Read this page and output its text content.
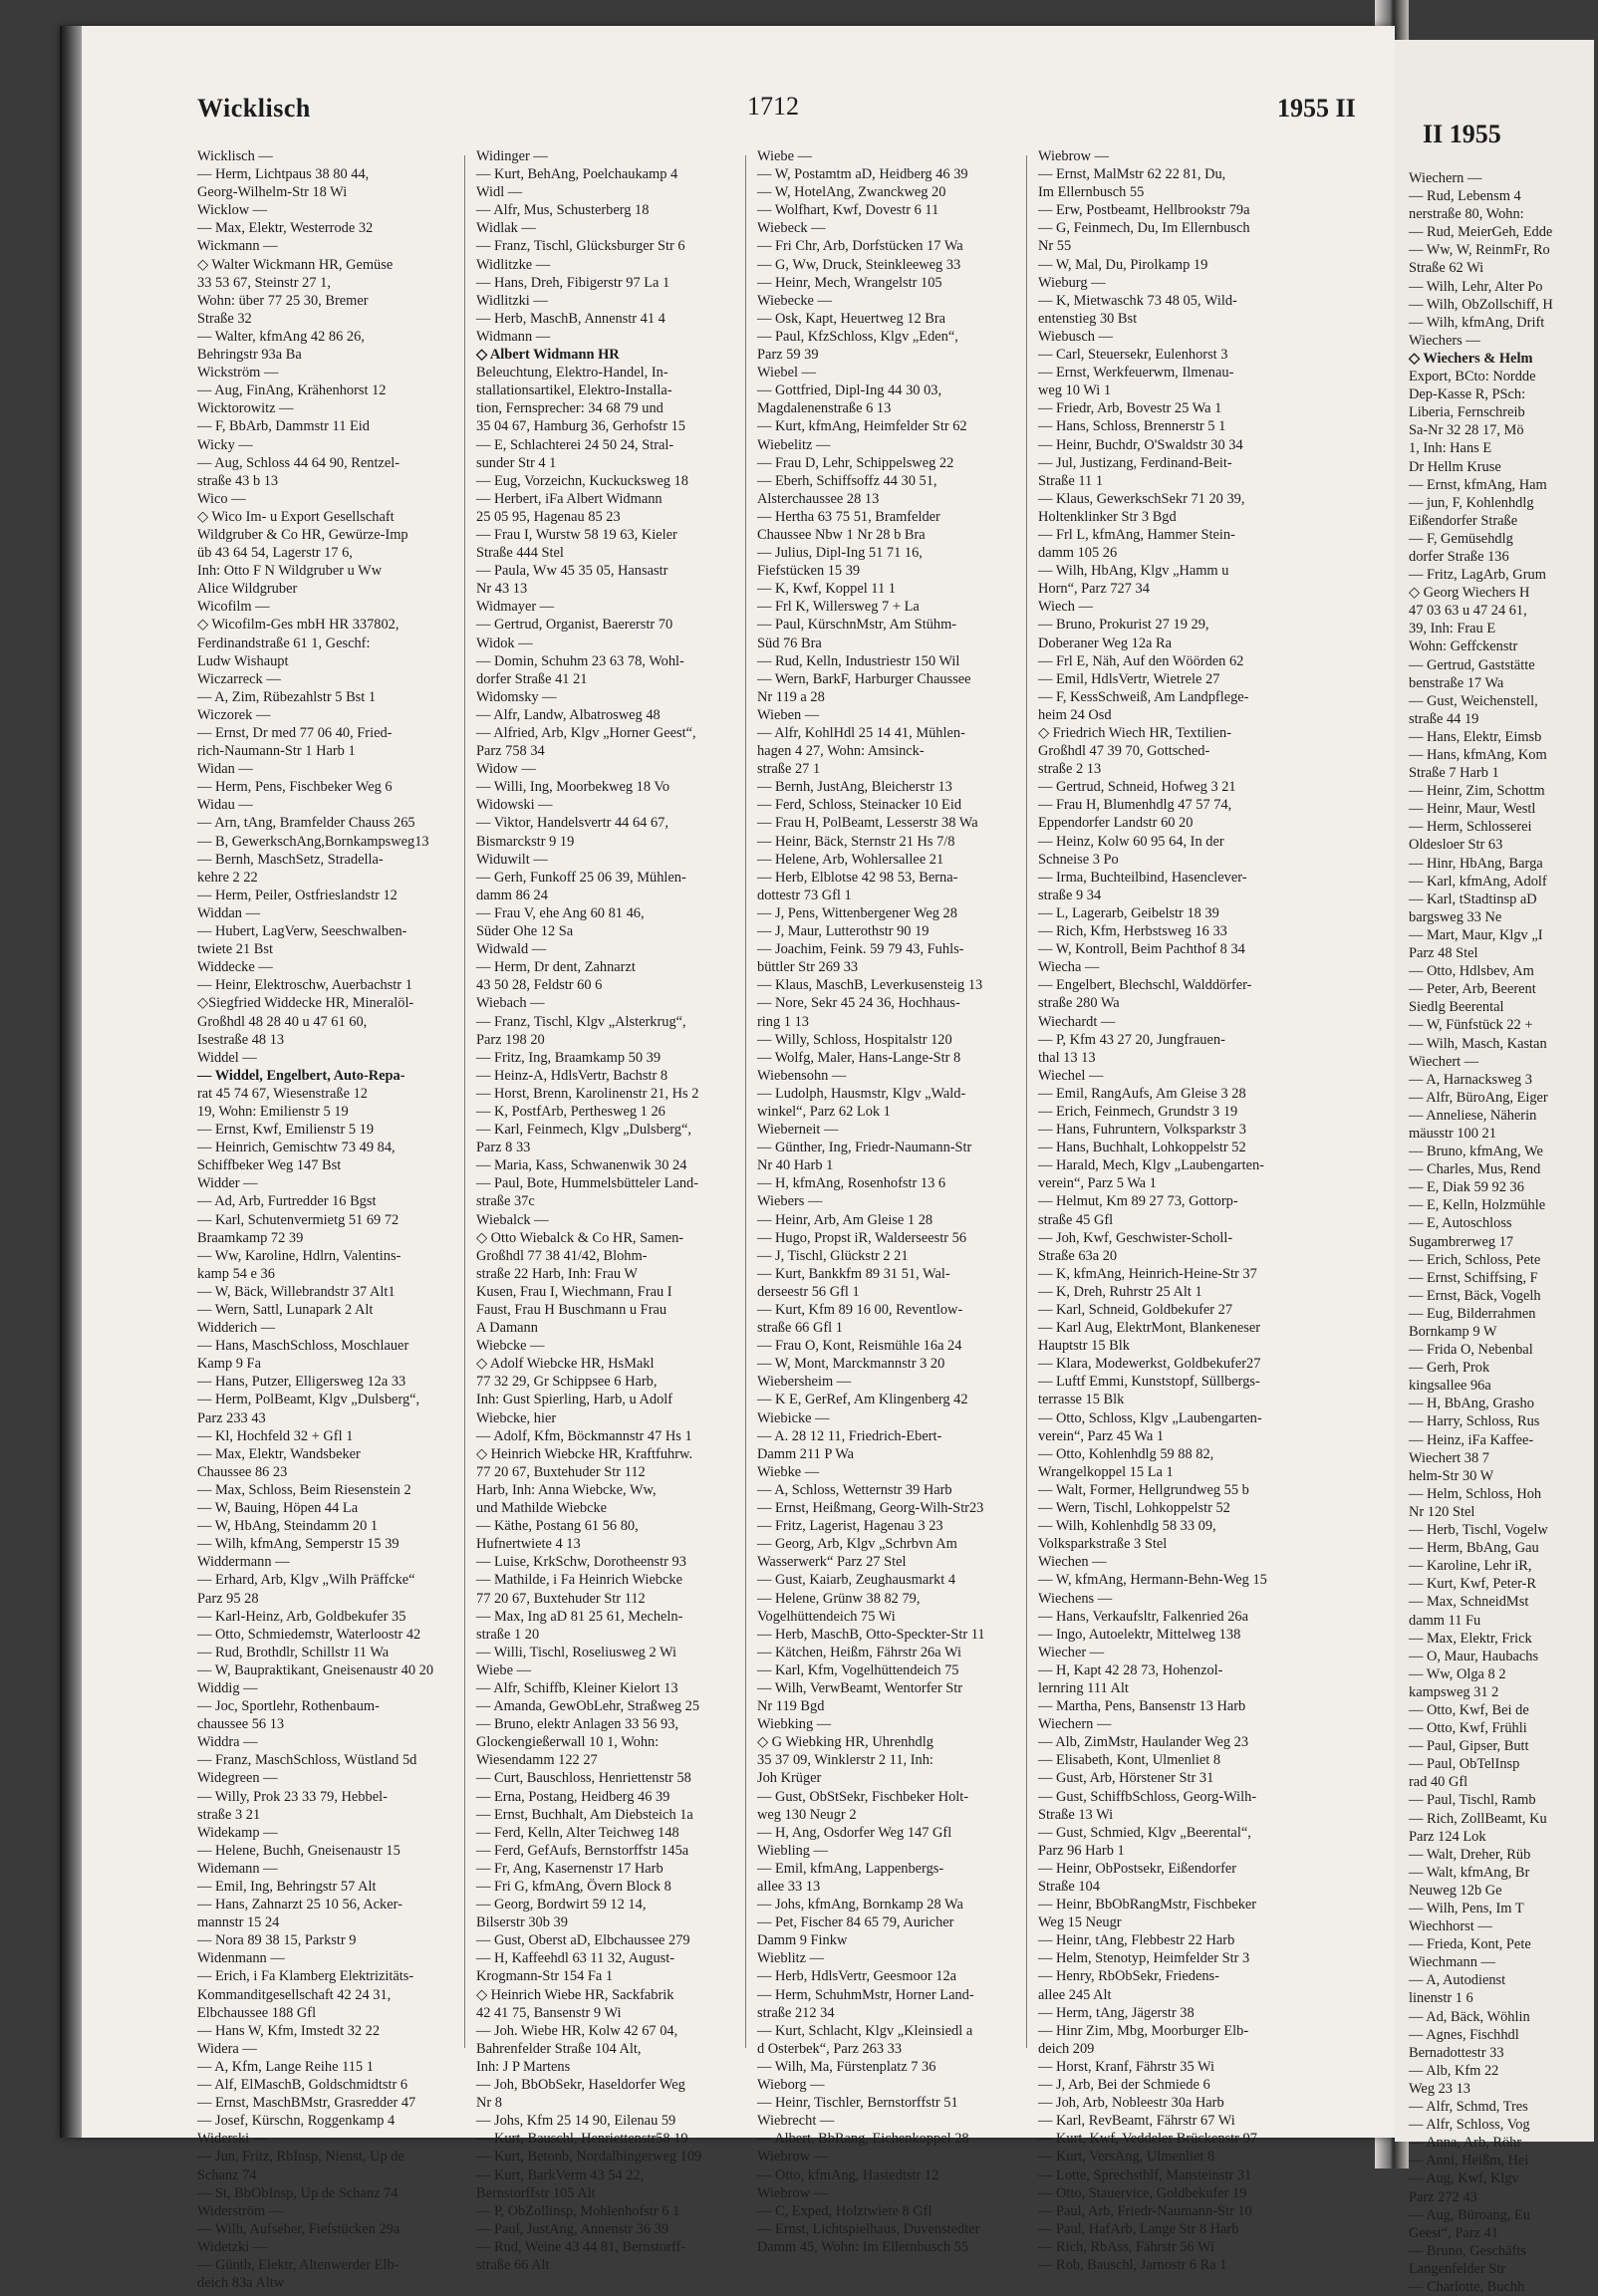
Wicklisch	1712	1955 II
Wicklisch —
— Herm, Lichtpaus 38 80 44,
Georg-Wilhelm-Str 18 Wi
Wicklow —
— Max, Elektr, Westerrode 32
Wickmann —
◇ Walter Wickmann HR, Gemüse
33 53 67, Steinstr 27 1,
Wohn: über 77 25 30, Bremer
Straße 32
— Walter, kfmAng 42 86 26,
Behringstr 93a Ba
Wickström —
— Aug, FinAng, Krähenhorst 12
Wicktorowitz —
— F, BbArb, Dammstr 11 Eid
Wicky —
— Aug, Schloss 44 64 90, Rentzel-
straße 43 b 13
Wico —
◇ Wico Im- u Export Gesellschaft
Wildgruber & Co HR, Gewürze-Imp
üb 43 64 54, Lagerstr 17 6,
Inh: Otto F N Wildgruber u Ww
Alice Wildgruber
Wicofilm —
◇ Wicofilm-Ges mbH HR 337802,
Ferdinandstraße 61 1, Geschf:
Ludw Wishaupt
Wiczarreck —
— A, Zim, Rübezahlstr 5 Bst 1
Wiczorek —
— Ernst, Dr med 77 06 40, Fried-
rich-Naumann-Str 1 Harb 1
Widan —
— Herm, Pens, Fischbeker Weg 6
Widau —
— Arn, tAng, Bramfelder Chauss 265
— B, GewerkschAng,Bornkampsweg13
— Bernh, MaschSetz, Stradella-
kehre 2 22
— Herm, Peiler, Ostfrieslandstr 12
Widdan —
— Hubert, LagVerw, Seeschwalben-
twiete 21 Bst
Widdecke —
— Heinr, Elektroschw, Auerbachstr 1
◇Siegfried Widdecke HR, Mineralöl-
Großhdl 48 28 40 u 47 61 60,
Isestraße 48 13
Widdel —
— Widdel, Engelbert, Auto-Repa-
rat 45 74 67, Wiesenstraße 12
19, Wohn: Emilienstr 5 19
— Ernst, Kwf, Emilienstr 5 19
— Heinrich, Gemischtw 73 49 84,
Schiffbeker Weg 147 Bst
Widder —
— Ad, Arb, Furtredder 16 Bgst
— Karl, Schutenvermietg 51 69 72
Braamkamp 72 39
— Ww, Karoline, Hdlrn, Valentins-
kamp 54 e 36
— W, Bäck, Willebrandstr 37 Alt1
— Wern, Sattl, Lunapark 2 Alt
Widderich —
— Hans, MaschSchloss, Moschlauer
Kamp 9 Fa
— Hans, Putzer, Elligersweg 12a 33
— Herm, PolBeamt, Klgv „Dulsberg“,
Parz 233 43
— Kl, Hochfeld 32 + Gfl 1
— Max, Elektr, Wandsbeker
Chaussee 86 23
— Max, Schloss, Beim Riesenstein 2
— W, Bauing, Höpen 44 La
— W, HbAng, Steindamm 20 1
— Wilh, kfmAng, Semperstr 15 39
Widdermann —
— Erhard, Arb, Klgv „Wilh Präffcke“
Parz 95 28
— Karl-Heinz, Arb, Goldbekufer 35
— Otto, Schmiedemstr, Waterloostr 42
— Rud, Brothdlr, Schillstr 11 Wa
— W, Baupraktikant, Gneisenaustr 40 20
Widdig —
— Joc, Sportlehr, Rothenbaum-
chaussee 56 13
Widdra —
— Franz, MaschSchloss, Wüstland 5d
Widegreen —
— Willy, Prok 23 33 79, Hebbel-
straße 3 21
Widekamp —
— Helene, Buchh, Gneisenaustr 15
Widemann —
— Emil, Ing, Behringstr 57 Alt
— Hans, Zahnarzt 25 10 56, Acker-
mannstr 15 24
— Nora 89 38 15, Parkstr 9
Widenmann —
— Erich, i Fa Klamberg Elektrizitäts-
Kommanditgesellschaft 42 24 31,
Elbchaussee 188 Gfl
— Hans W, Kfm, Imstedt 32 22
Widera —
— A, Kfm, Lange Reihe 115 1
— Alf, ElMaschB, Goldschmidtstr 6
— Ernst, MaschBMstr, Grasredder 47
— Josef, Kürschn, Roggenkamp 4
Widerski —
— Jun, Fritz, RbInsp, Nienst, Up de
Schanz 74
— St, BbObInsp, Up de Schanz 74
Widerström —
— Wilh, Aufseher, Fiefstücken 29a
Widetzki —
— Günth, Elektr, Altenwerder Elb-
deich 83a Altw
Widinger —
— Kurt, BehAng, Poelchaukamp 4
Widl —
— Alfr, Mus, Schusterberg 18
Widlak —
— Franz, Tischl, Glücksburger Str 6
Widlitzke —
— Hans, Dreh, Fibigerstr 97 La 1
Widlitzki —
— Herb, MaschB, Annenstr 41 4
Widmann —
◇ Albert Widmann HR
Beleuchtung, Elektro-Handel, In-
stallationsartikel, Elektro-Installa-
tion, Fernsprecher: 34 68 79 und
35 04 67, Hamburg 36, Gerhofstr 15
— E, Schlachterei 24 50 24, Stral-
sunder Str 4 1
— Eug, Vorzeichn, Kuckucksweg 18
— Herbert, iFa Albert Widmann
25 05 95, Hagenau 85 23
— Frau I, Wurstw 58 19 63, Kieler
Straße 444 Stel
— Paula, Ww 45 35 05, Hansastr
Nr 43 13
Widmayer —
— Gertrud, Organist, Baererstr 70
Widok —
— Domin, Schuhm 23 63 78, Wohl-
dorfer Straße 41 21
Widomsky —
— Alfr, Landw, Albatrosweg 48
— Alfried, Arb, Klgv „Horner Geest“,
Parz 758 34
Widow —
— Willi, Ing, Moorbekweg 18 Vo
Widowski —
— Viktor, Handelsvertr 44 64 67,
Bismarckstr 9 19
Widuwilt —
— Gerh, Funkoff 25 06 39, Mühlen-
damm 86 24
— Frau V, ehe Ang 60 81 46,
Süder Ohe 12 Sa
Widwald —
— Herm, Dr dent, Zahnarzt
43 50 28, Feldstr 60 6
Wiebach —
— Franz, Tischl, Klgv „Alsterkrug“,
Parz 198 20
— Fritz, Ing, Braamkamp 50 39
— Heinz-A, HdlsVertr, Bachstr 8
— Horst, Brenn, Karolinenstr 21, Hs 2
— K, PostfArb, Perthesweg 1 26
— Karl, Feinmech, Klgv „Dulsberg“,
Parz 8 33
— Maria, Kass, Schwanenwik 30 24
— Paul, Bote, Hummelsbütteler Land-
straße 37c
Wiebalck —
◇ Otto Wiebalck & Co HR, Samen-
Großhdl 77 38 41/42, Blohm-
straße 22 Harb, Inh: Frau W
Kusen, Frau I, Wiechmann, Frau I
Faust, Frau H Buschmann u Frau
A Damann
Wiebcke —
◇ Adolf Wiebcke HR, HsMakl
77 32 29, Gr Schippsee 6 Harb,
Inh: Gust Spierling, Harb, u Adolf
Wiebcke, hier
— Adolf, Kfm, Böckmannstr 47 Hs 1
◇ Heinrich Wiebcke HR, Kraftfuhrw.
77 20 67, Buxtehuder Str 112
Harb, Inh: Anna Wiebcke, Ww,
und Mathilde Wiebcke
— Käthe, Postang 61 56 80,
Hufnertwiete 4 13
— Luise, KrkSchw, Dorotheenstr 93
— Mathilde, i Fa Heinrich Wiebcke
77 20 67, Buxtehuder Str 112
— Max, Ing aD 81 25 61, Mecheln-
straße 1 20
— Willi, Tischl, Roseliusweg 2 Wi
Wiebe —
— Alfr, Schiffb, Kleiner Kielort 13
— Amanda, GewObLehr, Straßweg 25
— Bruno, elektr Anlagen 33 56 93,
Glockengießerwall 10 1, Wohn:
Wiesendamm 122 27
— Curt, Bauschloss, Henriettenstr 58
— Erna, Postang, Heidberg 46 39
— Ernst, Buchhalt, Am Diebsteich 1a
— Ferd, Kelln, Alter Teichweg 148
— Ferd, GefAufs, Bernstorffstr 145a
— Fr, Ang, Kasernenstr 17 Harb
— Fri G, kfmAng, Övern Block 8
— Georg, Bordwirt 59 12 14,
Bilserstr 30b 39
— Gust, Oberst aD, Elbchaussee 279
— H, Kaffeehdl 63 11 32, August-
Krogmann-Str 154 Fa 1
◇ Heinrich Wiebe HR, Sackfabrik
42 41 75, Bansenstr 9 Wi
— Joh. Wiebe HR, Kolw 42 67 04,
Bahrenfelder Straße 104 Alt,
Inh: J P Martens
— Joh, BbObSekr, Haseldorfer Weg
Nr 8
— Johs, Kfm 25 14 90, Eilenau 59
— Kurt, Bauschl, Henriettenstr58 19
— Kurt, Betonb, Nordalbingerweg 109
— Kurt, BarkVerm 43 54 22,
Bernstorffstr 105 Alt
— P, ObZollinsp, Mohlenhofstr 6 1
— Paul, JustAng, Annenstr 36 39
— Rud, Weine 43 44 81, Bernstorff-
straße 66 Alt
Wiebe —
— W, Postamtm aD, Heidberg 46 39
— W, HotelAng, Zwanckweg 20
— Wolfhart, Kwf, Dovestr 6 11
Wiebeck —
— Fri Chr, Arb, Dorfstücken 17 Wa
— G, Ww, Druck, Steinkleeweg 33
— Heinr, Mech, Wrangelstr 105
Wiebecke —
— Osk, Kapt, Heuertweg 12 Bra
— Paul, KfzSchloss, Klgv „Eden“,
Parz 59 39
Wiebel —
— Gottfried, Dipl-Ing 44 30 03,
Magdalenenstraße 6 13
— Kurt, kfmAng, Heimfelder Str 62
Wiebelitz —
— Frau D, Lehr, Schippelsweg 22
— Eberh, Schiffsoffz 44 30 51,
Alsterchaussee 28 13
— Hertha 63 75 51, Bramfelder
Chaussee Nbw 1 Nr 28 b Bra
— Julius, Dipl-Ing 51 71 16,
Fiefstücken 15 39
— K, Kwf, Koppel 11 1
— Frl K, Willersweg 7 + La
— Paul, KürschnMstr, Am Stühm-
Süd 76 Bra
— Rud, Kelln, Industriestr 150 Wil
— Wern, BarkF, Harburger Chaussee
Nr 119 a 28
Wieben —
— Alfr, KohlHdl 25 14 41, Mühlen-
hagen 4 27, Wohn: Amsinck-
straße 27 1
— Bernh, JustAng, Bleicherstr 13
— Ferd, Schloss, Steinacker 10 Eid
— Frau H, PolBeamt, Lesserstr 38 Wa
— Heinr, Bäck, Sternstr 21 Hs 7/8
— Helene, Arb, Wohlersallee 21
— Herb, Elblotse 42 98 53, Berna-
dottestr 73 Gfl 1
— J, Pens, Wittenbergener Weg 28
— J, Maur, Lutterothstr 90 19
— Joachim, Feink. 59 79 43, Fuhls-
büttler Str 269 33
— Klaus, MaschB, Leverkusensteig 13
— Nore, Sekr 45 24 36, Hochhaus-
ring 1 13
— Willy, Schloss, Hospitalstr 120
— Wolfg, Maler, Hans-Lange-Str 8
Wiebensohn —
— Ludolph, Hausmstr, Klgv „Wald-
winkel“, Parz 62 Lok 1
Wieberneit —
— Günther, Ing, Friedr-Naumann-Str
Nr 40 Harb 1
— H, kfmAng, Rosenhofstr 13 6
Wiebers —
— Heinr, Arb, Am Gleise 1 28
— Hugo, Propst iR, Walderseestr 56
— J, Tischl, Glückstr 2 21
— Kurt, Bankkfm 89 31 51, Wal-
derseestr 56 Gfl 1
— Kurt, Kfm 89 16 00, Reventlow-
straße 66 Gfl 1
— Frau O, Kont, Reismühle 16a 24
— W, Mont, Marckmannstr 3 20
Wiebersheim —
— K E, GerRef, Am Klingenberg 42
Wiebicke —
— A. 28 12 11, Friedrich-Ebert-
Damm 211 P Wa
Wiebke —
— A, Schloss, Wetternstr 39 Harb
— Ernst, Heißmang, Georg-Wilh-Str23
— Fritz, Lagerist, Hagenau 3 23
— Georg, Arb, Klgv „Schrbvn Am
Wasserwerk“ Parz 27 Stel
— Gust, Kaiarb, Zeughausmarkt 4
— Helene, Grünw 38 82 79,
Vogelhüttendeich 75 Wi
— Herb, MaschB, Otto-Speckter-Str 11
— Kätchen, Heißm, Fährstr 26a Wi
— Karl, Kfm, Vogelhüttendeich 75
— Wilh, VerwBeamt, Wentorfer Str
Nr 119 Bgd
Wiebking —
◇ G Wiebking HR, Uhrenhdlg
35 37 09, Winklerstr 2 11, Inh:
Joh Krüger
— Gust, ObStSekr, Fischbeker Holt-
weg 130 Neugr 2
— H, Ang, Osdorfer Weg 147 Gfl
Wiebling —
— Emil, kfmAng, Lappenbergs-
allee 33 13
— Johs, kfmAng, Bornkamp 28 Wa
— Pet, Fischer 84 65 79, Auricher
Damm 9 Finkw
Wieblitz —
— Herb, HdlsVertr, Geesmoor 12a
— Herm, SchuhmMstr, Horner Land-
straße 212 34
— Kurt, Schlacht, Klgv „Kleinsiedl a
d Osterbek“, Parz 263 33
— Wilh, Ma, Fürstenplatz 7 36
Wieborg —
— Heinr, Tischler, Bernstorffstr 51
Wiebrecht —
— Albert, BbRang, Eichenkoppel 28
Wiebrow —
— Otto, kfmAng, Hastedtstr 12
Wiebrow —
— C, Exped, Holztwiete 8 Gfl
— Ernst, Lichtspielhaus, Duvenstedter
Damm 45, Wohn: Im Ellernbusch 55
Wiebrow —
— Ernst, MalMstr 62 22 81, Du,
Im Ellernbusch 55
— Erw, Postbeamt, Hellbrookstr 79a
— G, Feinmech, Du, Im Ellernbusch
Nr 55
— W, Mal, Du, Pirolkamp 19
Wieburg —
— K, Mietwaschk 73 48 05, Wild-
entenstieg 30 Bst
Wiebusch —
— Carl, Steuersekr, Eulenhorst 3
— Ernst, Werkfeuerwm, Ilmenau-
weg 10 Wi 1
— Friedr, Arb, Bovestr 25 Wa 1
— Hans, Schloss, Brennerstr 5 1
— Heinr, Buchdr, O'Swaldstr 30 34
— Jul, Justizang, Ferdinand-Beit-
Straße 11 1
— Klaus, GewerkschSekr 71 20 39,
Holtenklinker Str 3 Bgd
— Frl L, kfmAng, Hammer Stein-
damm 105 26
— Wilh, HbAng, Klgv „Hamm u
Horn“, Parz 727 34
Wiech —
— Bruno, Prokurist 27 19 29,
Doberaner Weg 12a Ra
— Frl E, Näh, Auf den Wöörden 62
— Emil, HdlsVertr, Wietrele 27
— F, KessSchweiß, Am Landpflege-
heim 24 Osd
◇ Friedrich Wiech HR, Textilien-
Großhdl 47 39 70, Gottsched-
straße 2 13
— Gertrud, Schneid, Hofweg 3 21
— Frau H, Blumenhdlg 47 57 74,
Eppendorfer Landstr 60 20
— Heinz, Kolw 60 95 64, In der
Schneise 3 Po
— Irma, Buchteilbind, Hasenclever-
straße 9 34
— L, Lagerarb, Geibelstr 18 39
— Rich, Kfm, Herbstsweg 16 33
— W, Kontroll, Beim Pachthof 8 34
Wiecha —
— Engelbert, Blechschl, Walddörfer-
straße 280 Wa
Wiechardt —
— P, Kfm 43 27 20, Jungfrauen-
thal 13 13
Wiechel —
— Emil, RangAufs, Am Gleise 3 28
— Erich, Feinmech, Grundstr 3 19
— Hans, Fuhruntern, Volksparkstr 3
— Hans, Buchhalt, Lohkoppelstr 52
— Harald, Mech, Klgv „Laubengarten-
verein“, Parz 5 Wa 1
— Helmut, Km 89 27 73, Gottorp-
straße 45 Gfl
— Joh, Kwf, Geschwister-Scholl-
Straße 63a 20
— K, kfmAng, Heinrich-Heine-Str 37
— K, Dreh, Ruhrstr 25 Alt 1
— Karl, Schneid, Goldbekufer 27
— Karl Aug, ElektrMont, Blankeneser
Hauptstr 15 Blk
— Klara, Modewerkst, Goldbekufer27
— Luftf Emmi, Kunststopf, Süllbergs-
terrasse 15 Blk
— Otto, Schloss, Klgv „Laubengarten-
verein“, Parz 45 Wa 1
— Otto, Kohlenhdlg 59 88 82,
Wrangelkoppel 15 La 1
— Walt, Former, Hellgrundweg 55 b
— Wern, Tischl, Lohkoppelstr 52
— Wilh, Kohlenhdlg 58 33 09,
Volksparkstraße 3 Stel
Wiechen —
— W, kfmAng, Hermann-Behn-Weg 15
Wiechens —
— Hans, Verkaufsltr, Falkenried 26a
— Ingo, Autoelektr, Mittelweg 138
Wiecher —
— H, Kapt 42 28 73, Hohenzol-
lernring 111 Alt
— Martha, Pens, Bansenstr 13 Harb
Wiechern —
— Alb, ZimMstr, Haulander Weg 23
— Elisabeth, Kont, Ulmenliet 8
— Gust, Arb, Hörstener Str 31
— Gust, SchiffbSchloss, Georg-Wilh-
Straße 13 Wi
— Gust, Schmied, Klgv „Beerental“,
Parz 96 Harb 1
— Heinr, ObPostsekr, Eißendorfer
Straße 104
— Heinr, BbObRangMstr, Fischbeker
Weg 15 Neugr
— Heinr, tAng, Flebbestr 22 Harb
— Helm, Stenotyp, Heimfelder Str 3
— Henry, RbObSekr, Friedens-
allee 245 Alt
— Herm, tAng, Jägerstr 38
— Hinr Zim, Mbg, Moorburger Elb-
deich 209
— Horst, Kranf, Fährstr 35 Wi
— J, Arb, Bei der Schmiede 6
— Joh, Arb, Nobleestr 30a Harb
— Karl, RevBeamt, Fährstr 67 Wi
— Kurt, Kwf, Veddeler Brückenstr 97
— Kurt, VersAng, Ulmenliet 8
— Lotte, Sprechsthlf, Mansteinstr 31
— Otto, Stauervice, Goldbekufer 19
— Paul, Arb, Friedr-Naumann-Str 10
— Paul, HafArb, Lange Str 8 Harb
— Rich, RbAss, Fährstr 56 Wi
— Rob, Bauschl, Jarnostr 6 Ra 1
II 1955
Wiechern —
— Rud, Lebensm 4
nerstraße 80, Wohn:
— Rud, MeierGeh, Edde
— Ww, W, ReinmFr, Ro
Straße 62 Wi
— Wilh, Lehr, Alter Po
— Wilh, ObZollschiff, H
— Wilh, kfmAng, Drift
Wiechers —
◇ Wiechers & Helm
Export, BCto: Nordde
Dep-Kasse R, PSch:
Liberia, Fernschreib
Sa-Nr 32 28 17, Mö
1, Inh: Hans E
Dr Hellm Kruse
— Ernst, kfmAng, Ham
— jun, F, Kohlenhdlg
Eißendorfer Straße
— F, Gemüsehdlg
dorfer Straße 136
— Fritz, LagArb, Grum
◇ Georg Wiechers H
47 03 63 u 47 24 61,
39, Inh: Frau E
Wohn: Geffckenstr
— Gertrud, Gaststätte
benstraße 17 Wa
— Gust, Weichenstell,
straße 44 19
— Hans, Elektr, Eimsb
— Hans, kfmAng, Kom
Straße 7 Harb 1
— Heinr, Zim, Schottm
— Heinr, Maur, Westl
— Herm, Schlosserei
Oldesloer Str 63
— Hinr, HbAng, Barga
— Karl, kfmAng, Adolf
— Karl, tStadtinsp aD
bargsweg 33 Ne
— Mart, Maur, Klgv „I
Parz 48 Stel
— Otto, Hdlsbev, Am
— Peter, Arb, Beerent
Siedlg Beerental
— W, Fünfstück 22 +
— Wilh, Masch, Kastan
Wiechert —
— A, Harnacksweg 3
— Alfr, BüroAng, Eiger
— Anneliese, Näherin
mäusstr 100 21
— Bruno, kfmAng, We
— Charles, Mus, Rend
— E, Diak 59 92 36
— E, Kelln, Holzmühle
— E, Autoschloss
Sugambrerweg 17
— Erich, Schloss, Pete
— Ernst, Schiffsing, F
— Ernst, Bäck, Vogelh
— Eug, Bilderrahmen
Bornkamp 9 W
— Frida O, Nebenbal
— Gerh, Prok
kingsallee 96a
— H, BbAng, Grasho
— Harry, Schloss, Rus
— Heinz, iFa Kaffee-
Wiechert 38 7
helm-Str 30 W
— Helm, Schloss, Hoh
Nr 120 Stel
— Herb, Tischl, Vogelw
— Herm, BbAng, Gau
— Karoline, Lehr iR,
— Kurt, Kwf, Peter-R
— Max, SchneidMst
damm 11 Fu
— Max, Elektr, Frick
— O, Maur, Haubachs
— Ww, Olga 8 2
kampsweg 31 2
— Otto, Kwf, Bei de
— Otto, Kwf, Frühli
— Paul, Gipser, Butt
— Paul, ObTelInsp
rad 40 Gfl
— Paul, Tischl, Ramb
— Rich, ZollBeamt, Ku
Parz 124 Lok
— Walt, Dreher, Rüb
— Walt, kfmAng, Br
Neuweg 12b Ge
— Wilh, Pens, Im T
Wiechhorst —
— Frieda, Kont, Pete
Wiechmann —
— A, Autodienst
linenstr 1 6
— Ad, Bäck, Wöhlin
— Agnes, Fischhdl
Bernadottestr 33
— Alb, Kfm 22
Weg 23 13
— Alfr, Schmd, Tres
— Alfr, Schloss, Vog
— Anna, Arb, Röhr
— Anni, Heißm, Hei
— Aug, Kwf, Klgv
Parz 272 43
— Aug, Büroang, Eu
Geest“, Parz 41
— Bruno, Geschäfts
Langenfelder Str
— Charlotte, Buchh
